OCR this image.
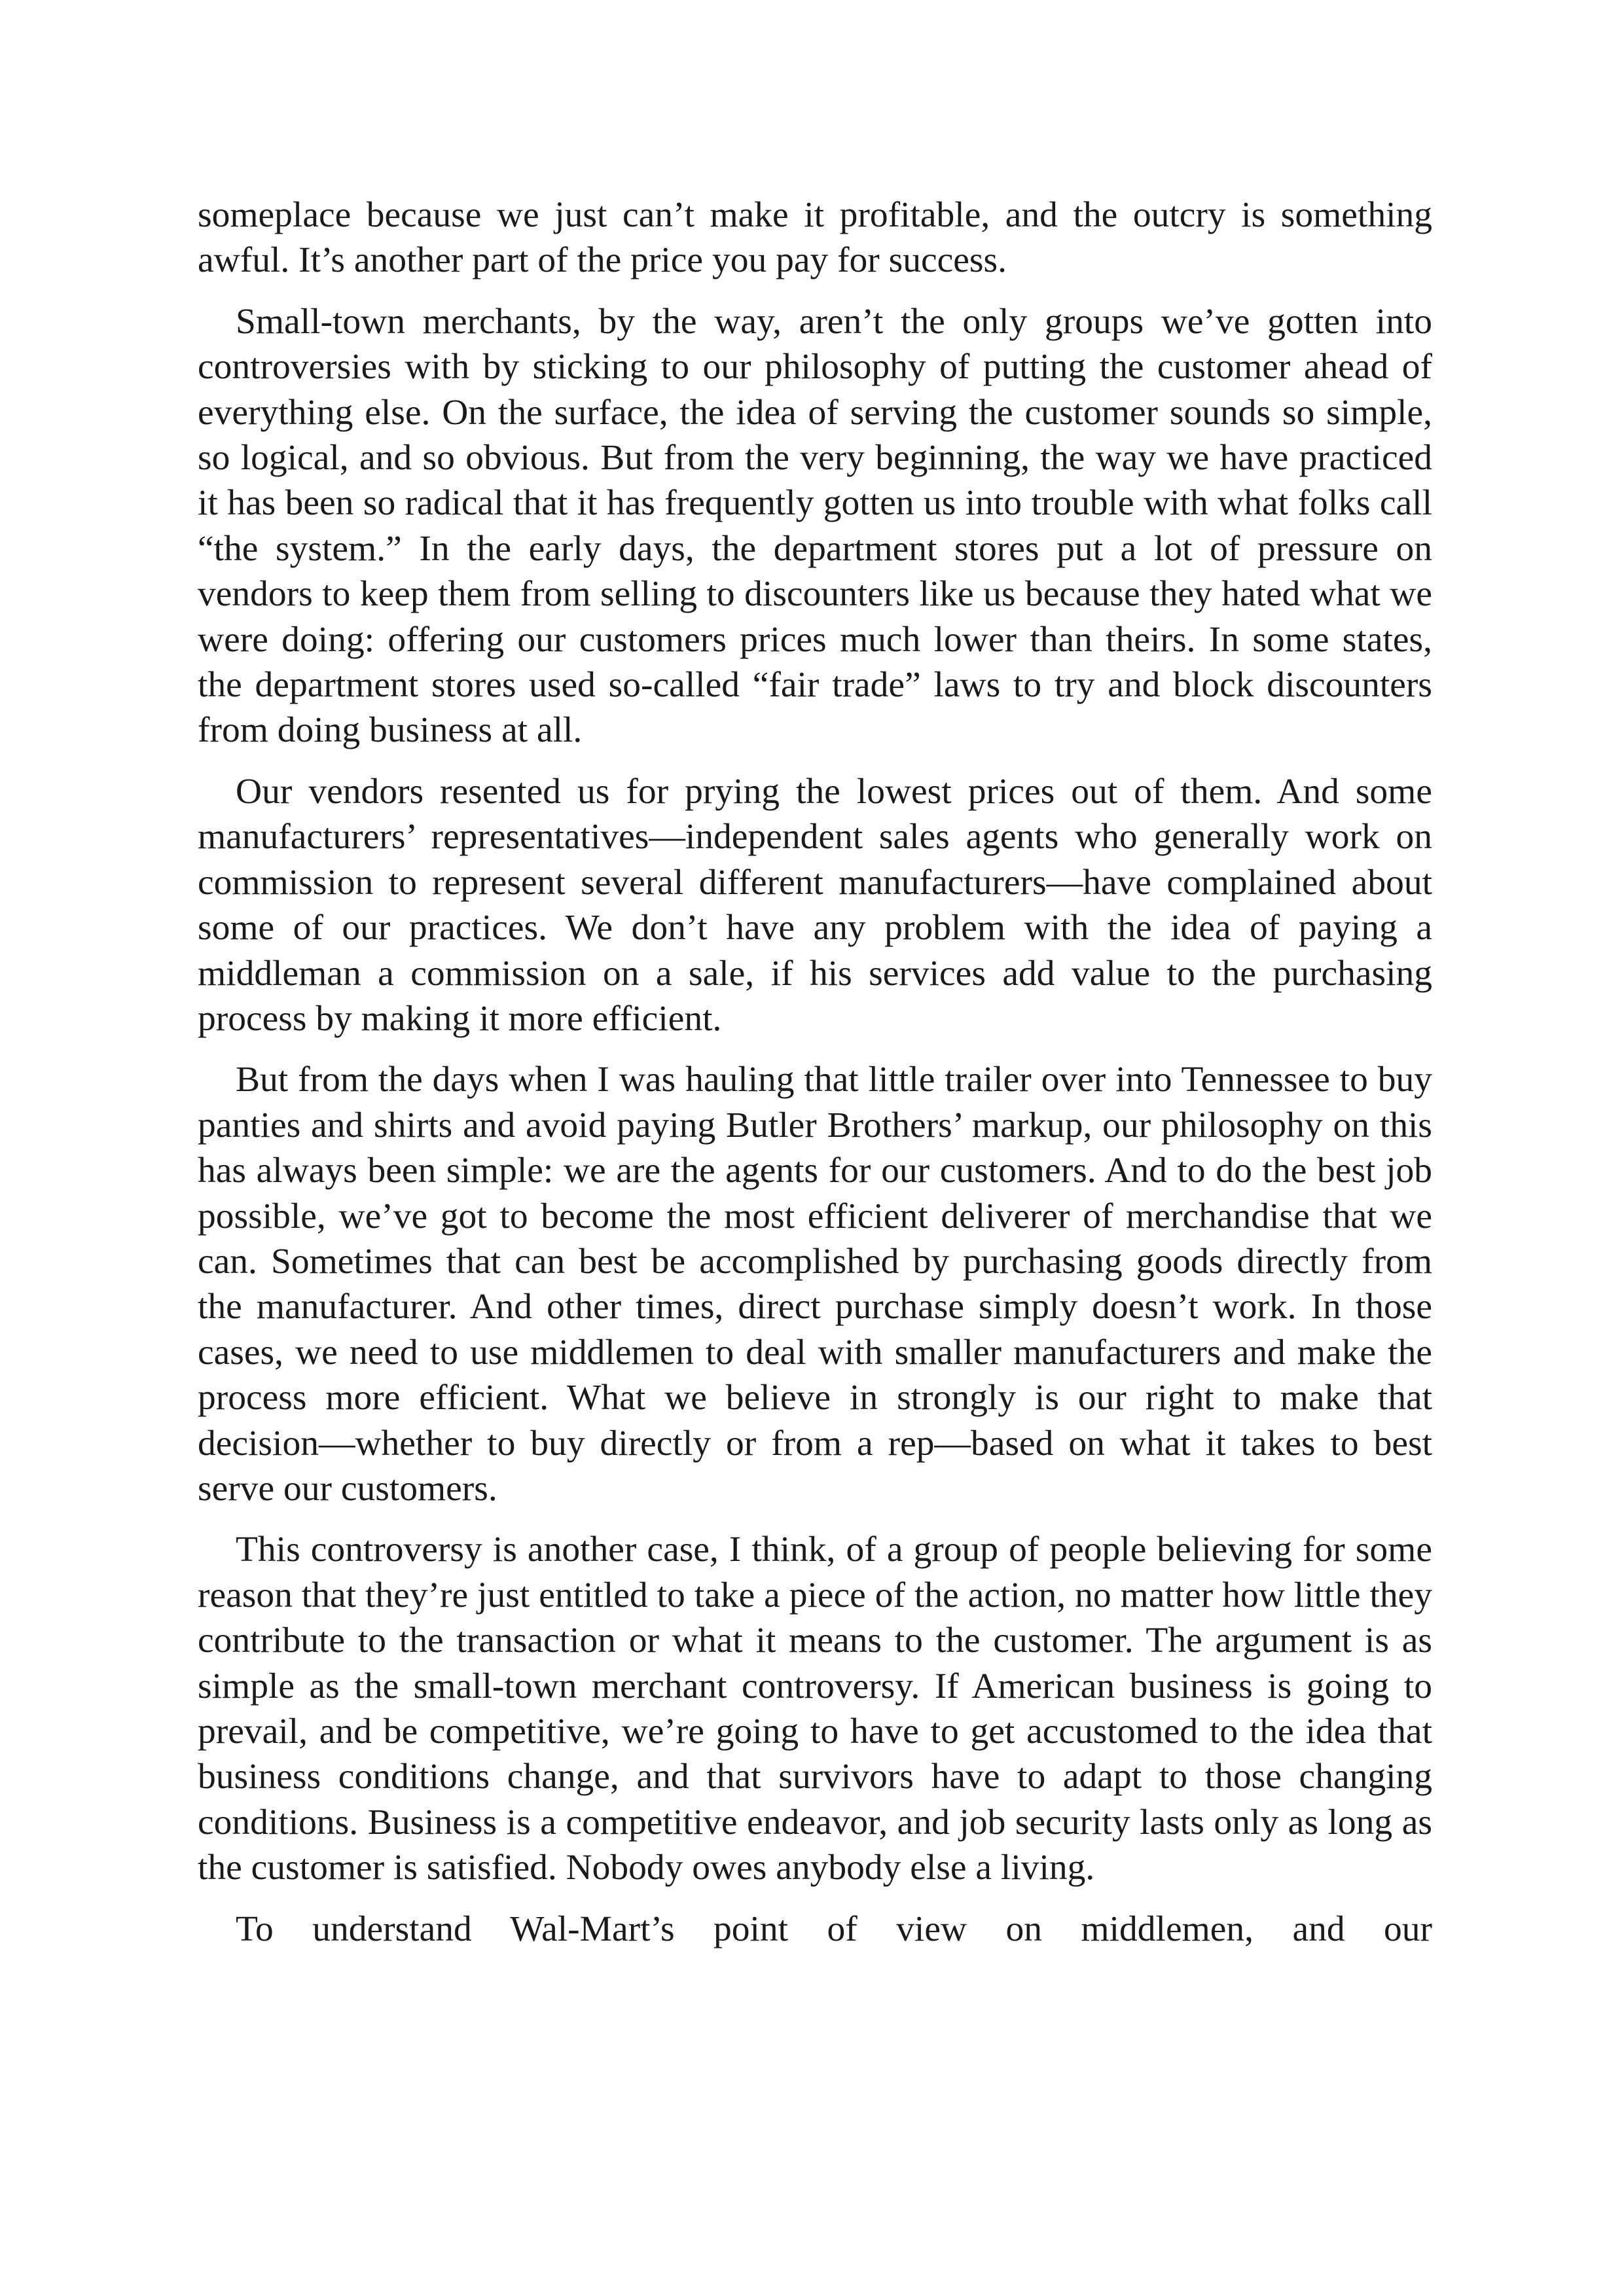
someplace because we just can’t make it profitable, and the outcry is something awful. It’s another part of the price you pay for success.

Small-town merchants, by the way, aren’t the only groups we’ve gotten into controversies with by sticking to our philosophy of putting the customer ahead of everything else. On the surface, the idea of serving the customer sounds so simple, so logical, and so obvious. But from the very beginning, the way we have practiced it has been so radical that it has frequently gotten us into trouble with what folks call “the system.” In the early days, the department stores put a lot of pressure on vendors to keep them from selling to discounters like us because they hated what we were doing: offering our customers prices much lower than theirs. In some states, the department stores used so-called “fair trade” laws to try and block discounters from doing business at all.

Our vendors resented us for prying the lowest prices out of them. And some manufacturers’ representatives—independent sales agents who generally work on commission to represent several different manufacturers—have complained about some of our practices. We don’t have any problem with the idea of paying a middleman a commission on a sale, if his services add value to the purchasing process by making it more efficient.

But from the days when I was hauling that little trailer over into Tennessee to buy panties and shirts and avoid paying Butler Brothers’ markup, our philosophy on this has always been simple: we are the agents for our customers. And to do the best job possible, we’ve got to become the most efficient deliverer of merchandise that we can. Sometimes that can best be accomplished by purchasing goods directly from the manufacturer. And other times, direct purchase simply doesn’t work. In those cases, we need to use middlemen to deal with smaller manufacturers and make the process more efficient. What we believe in strongly is our right to make that decision—whether to buy directly or from a rep—based on what it takes to best serve our customers.

This controversy is another case, I think, of a group of people believing for some reason that they’re just entitled to take a piece of the action, no matter how little they contribute to the transaction or what it means to the customer. The argument is as simple as the small-town merchant controversy. If American business is going to prevail, and be competitive, we’re going to have to get accustomed to the idea that business conditions change, and that survivors have to adapt to those changing conditions. Business is a competitive endeavor, and job security lasts only as long as the customer is satisfied. Nobody owes anybody else a living.

To understand Wal-Mart’s point of view on middlemen, and our
